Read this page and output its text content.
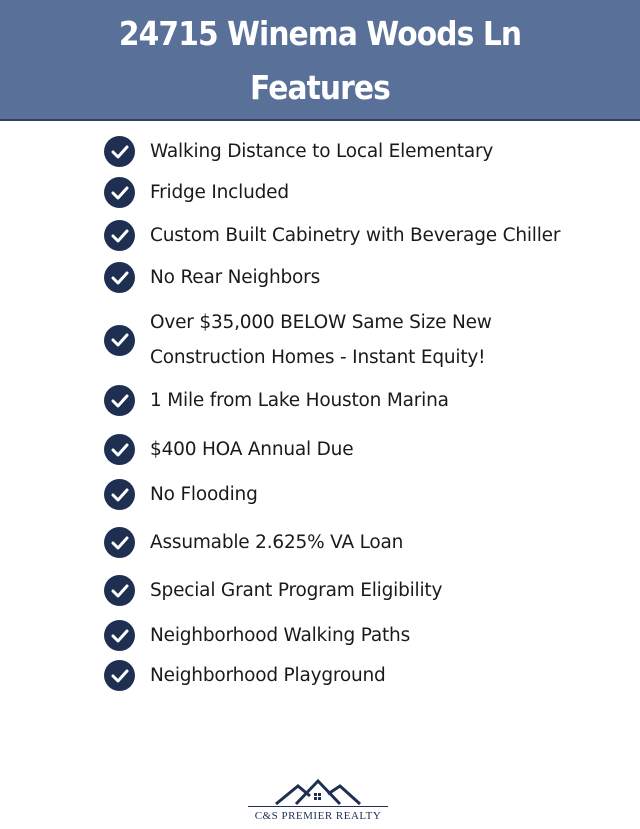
24715 Winema Woods Ln
Features
Walking Distance to Local Elementary
Fridge Included
Custom Built Cabinetry with Beverage Chiller
No Rear Neighbors
Over $35,000 BELOW Same Size New Construction Homes - Instant Equity!
1 Mile from Lake Houston Marina
$400 HOA Annual Due
No Flooding
Assumable 2.625% VA Loan
Special Grant Program Eligibility
Neighborhood Walking Paths
Neighborhood Playground
C&S PREMIER REALTY
